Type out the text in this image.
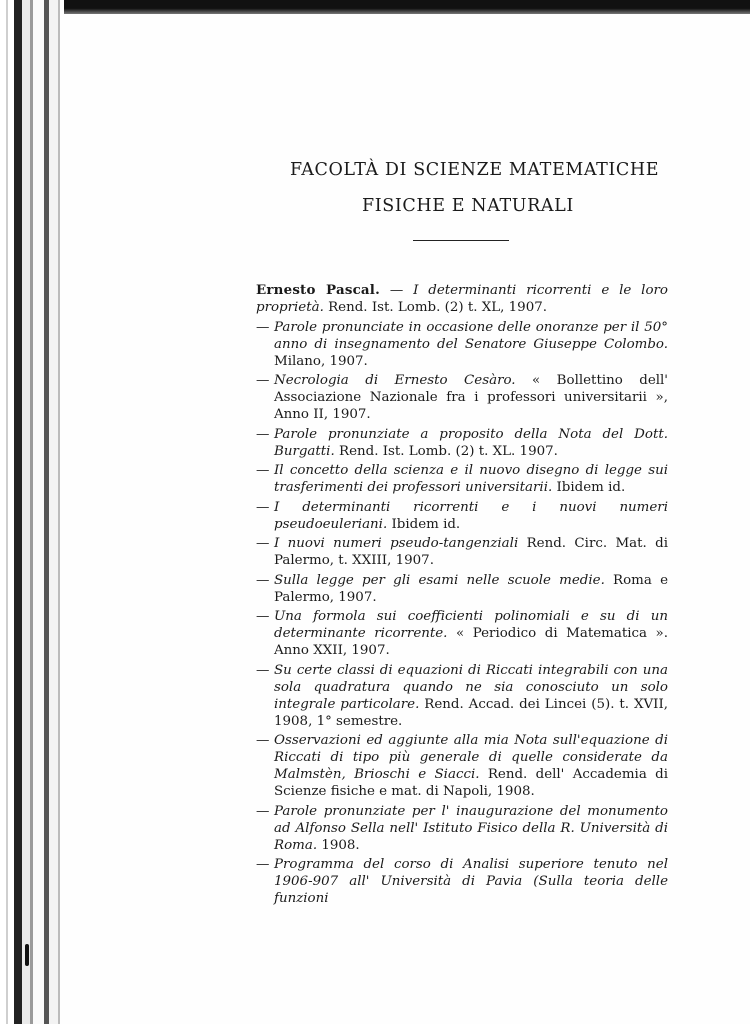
FACOLTÀ DI SCIENZE MATEMATICHE
FISICHE E NATURALI
Ernesto Pascal. — I determinanti ricorrenti e le loro proprietà. Rend. Ist. Lomb. (2) t. XL, 1907.
— Parole pronunciate in occasione delle onoranze per il 50° anno di insegnamento del Senatore Giuseppe Colombo. Milano, 1907.
— Necrologia di Ernesto Cesàro. « Bollettino dell' Associazione Nazionale fra i professori universitarii », Anno II, 1907.
— Parole pronunziate a proposito della Nota del Dott. Burgatti. Rend. Ist. Lomb. (2) t. XL. 1907.
— Il concetto della scienza e il nuovo disegno di legge sui trasferimenti dei professori universitarii. Ibidem id.
— I determinanti ricorrenti e i nuovi numeri pseudoeuleriani. Ibidem id.
— I nuovi numeri pseudo-tangenziali Rend. Circ. Mat. di Palermo, t. XXIII, 1907.
— Sulla legge per gli esami nelle scuole medie. Roma e Palermo, 1907.
— Una formola sui coefficienti polinomiali e su di un determinante ricorrente. « Periodico di Matematica ». Anno XXII, 1907.
— Su certe classi di equazioni di Riccati integrabili con una sola quadratura quando ne sia conosciuto un solo integrale particolare. Rend. Accad. dei Lincei (5). t. XVII, 1908, 1° semestre.
— Osservazioni ed aggiunte alla mia Nota sull'equazione di Riccati di tipo più generale di quelle considerate da Malmstèn, Brioschi e Siacci. Rend. dell' Accademia di Scienze fisiche e mat. di Napoli, 1908.
— Parole pronunziate per l' inaugurazione del monumento ad Alfonso Sella nell' Istituto Fisico della R. Università di Roma. 1908.
— Programma del corso di Analisi superiore tenuto nel 1906-907 all' Università di Pavia (Sulla teoria delle funzioni
